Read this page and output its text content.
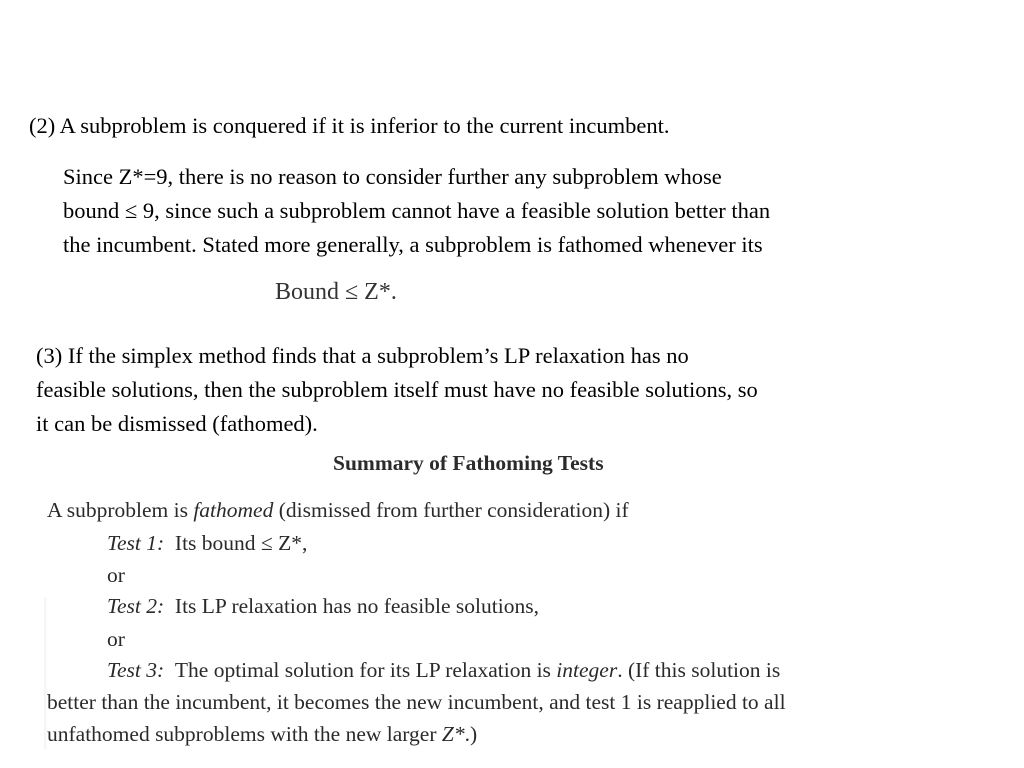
(2) A subproblem is conquered if it is inferior to the current incumbent.
Since Z*=9, there is no reason to consider further any subproblem whose
bound ≤ 9, since such a subproblem cannot have a feasible solution better than
the incumbent. Stated more generally, a subproblem is fathomed whenever its
Bound ≤ Z*.
(3) If the simplex method finds that a subproblem’s LP relaxation has no
feasible solutions, then the subproblem itself must have no feasible solutions, so
it can be dismissed (fathomed).
Summary of Fathoming Tests
A subproblem is fathomed (dismissed from further consideration) if
Test 1: Its bound ≤ Z*,
or
Test 2: Its LP relaxation has no feasible solutions,
or
Test 3: The optimal solution for its LP relaxation is integer. (If this solution is
better than the incumbent, it becomes the new incumbent, and test 1 is reapplied to all
unfathomed subproblems with the new larger Z*.)
